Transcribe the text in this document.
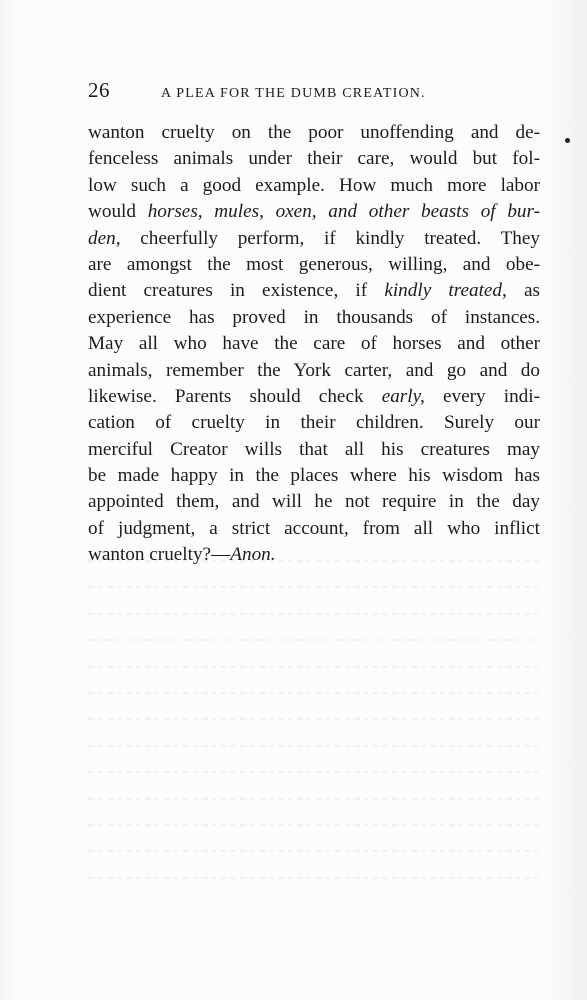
26	A PLEA FOR THE DUMB CREATION.

wanton cruelty on the poor unoffending and de-
fenceless animals under their care, would but fol-
low such a good example. How much more labor
would horses, mules, oxen, and other beasts of bur-
den, cheerfully perform, if kindly treated. They
are amongst the most generous, willing, and obe-
dient creatures in existence, if kindly treated, as
experience has proved in thousands of instances.
May all who have the care of horses and other
animals, remember the York carter, and go and do
likewise. Parents should check early, every indi-
cation of cruelty in their children. Surely our
merciful Creator wills that all his creatures may
be made happy in the places where his wisdom has
appointed them, and will he not require in the day
of judgment, a strict account, from all who inflict
wanton cruelty?—Anon.
